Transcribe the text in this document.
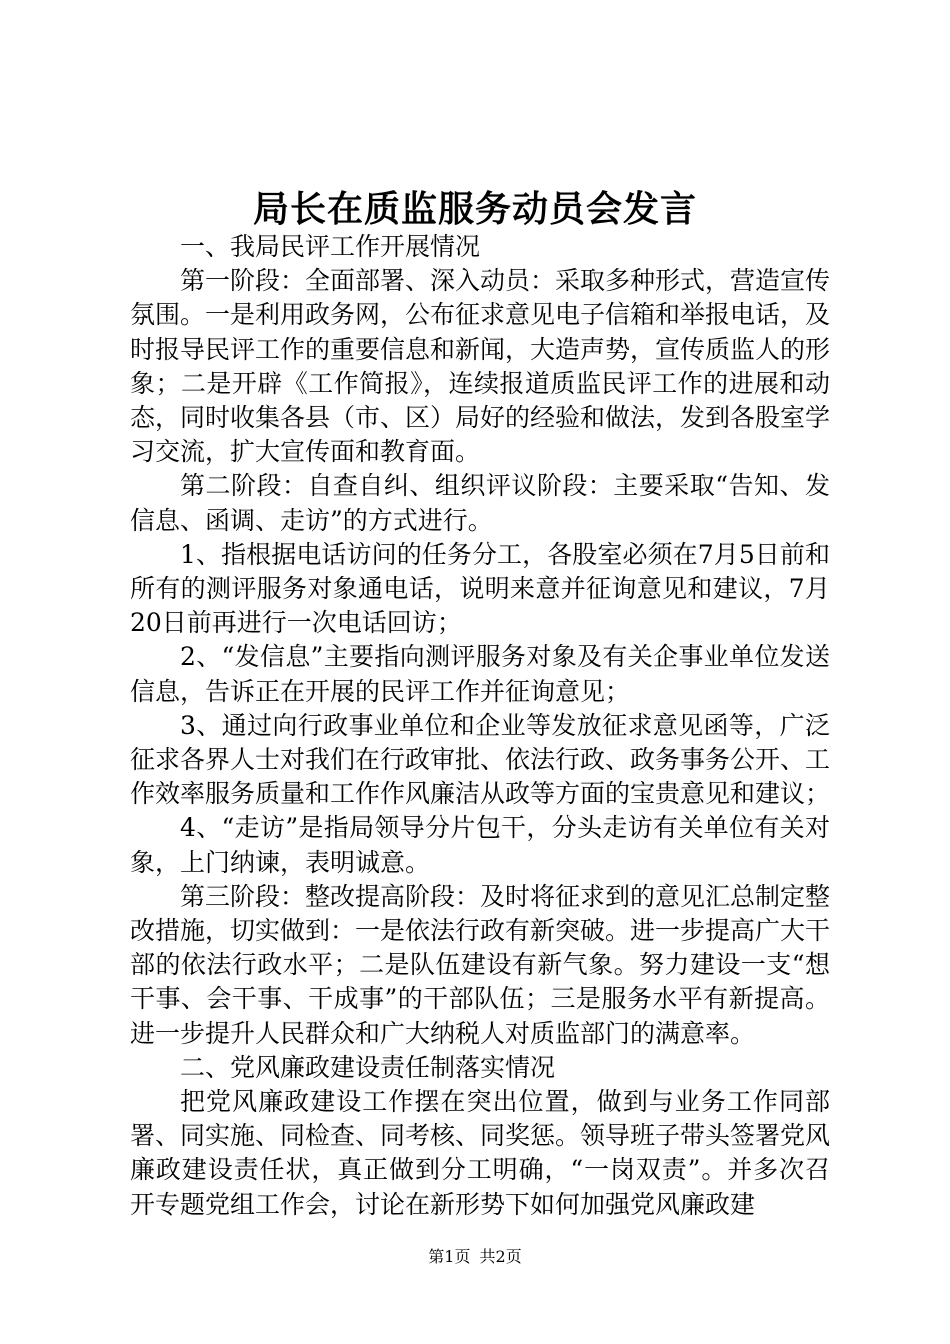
局长在质监服务动员会发言

一、我局民评工作开展情况

第一阶段：全面部署、深入动员：采取多种形式，营造宣传氛围。一是利用政务网，公布征求意见电子信箱和举报电话，及时报导民评工作的重要信息和新闻，大造声势，宣传质监人的形象；二是开辟《工作简报》，连续报道质监民评工作的进展和动态，同时收集各县（市、区）局好的经验和做法，发到各股室学习交流，扩大宣传面和教育面。

第二阶段：自查自纠、组织评议阶段：主要采取“告知、发信息、函调、走访”的方式进行。

1、指根据电话访问的任务分工，各股室必须在7月5日前和所有的测评服务对象通电话，说明来意并征询意见和建议，7月20日前再进行一次电话回访；

2、“发信息”主要指向测评服务对象及有关企事业单位发送信息，告诉正在开展的民评工作并征询意见；

3、通过向行政事业单位和企业等发放征求意见函等，广泛征求各界人士对我们在行政审批、依法行政、政务事务公开、工作效率服务质量和工作作风廉洁从政等方面的宝贵意见和建议；

4、“走访”是指局领导分片包干，分头走访有关单位有关对象，上门纳谏，表明诚意。

第三阶段：整改提高阶段：及时将征求到的意见汇总制定整改措施，切实做到：一是依法行政有新突破。进一步提高广大干部的依法行政水平；二是队伍建设有新气象。努力建设一支“想干事、会干事、干成事”的干部队伍；三是服务水平有新提高。进一步提升人民群众和广大纳税人对质监部门的满意率。

二、党风廉政建设责任制落实情况

把党风廉政建设工作摆在突出位置，做到与业务工作同部署、同实施、同检查、同考核、同奖惩。领导班子带头签署党风廉政建设责任状，真正做到分工明确，“一岗双责”。并多次召开专题党组工作会，讨论在新形势下如何加强党风廉政建

第1页 共2页
